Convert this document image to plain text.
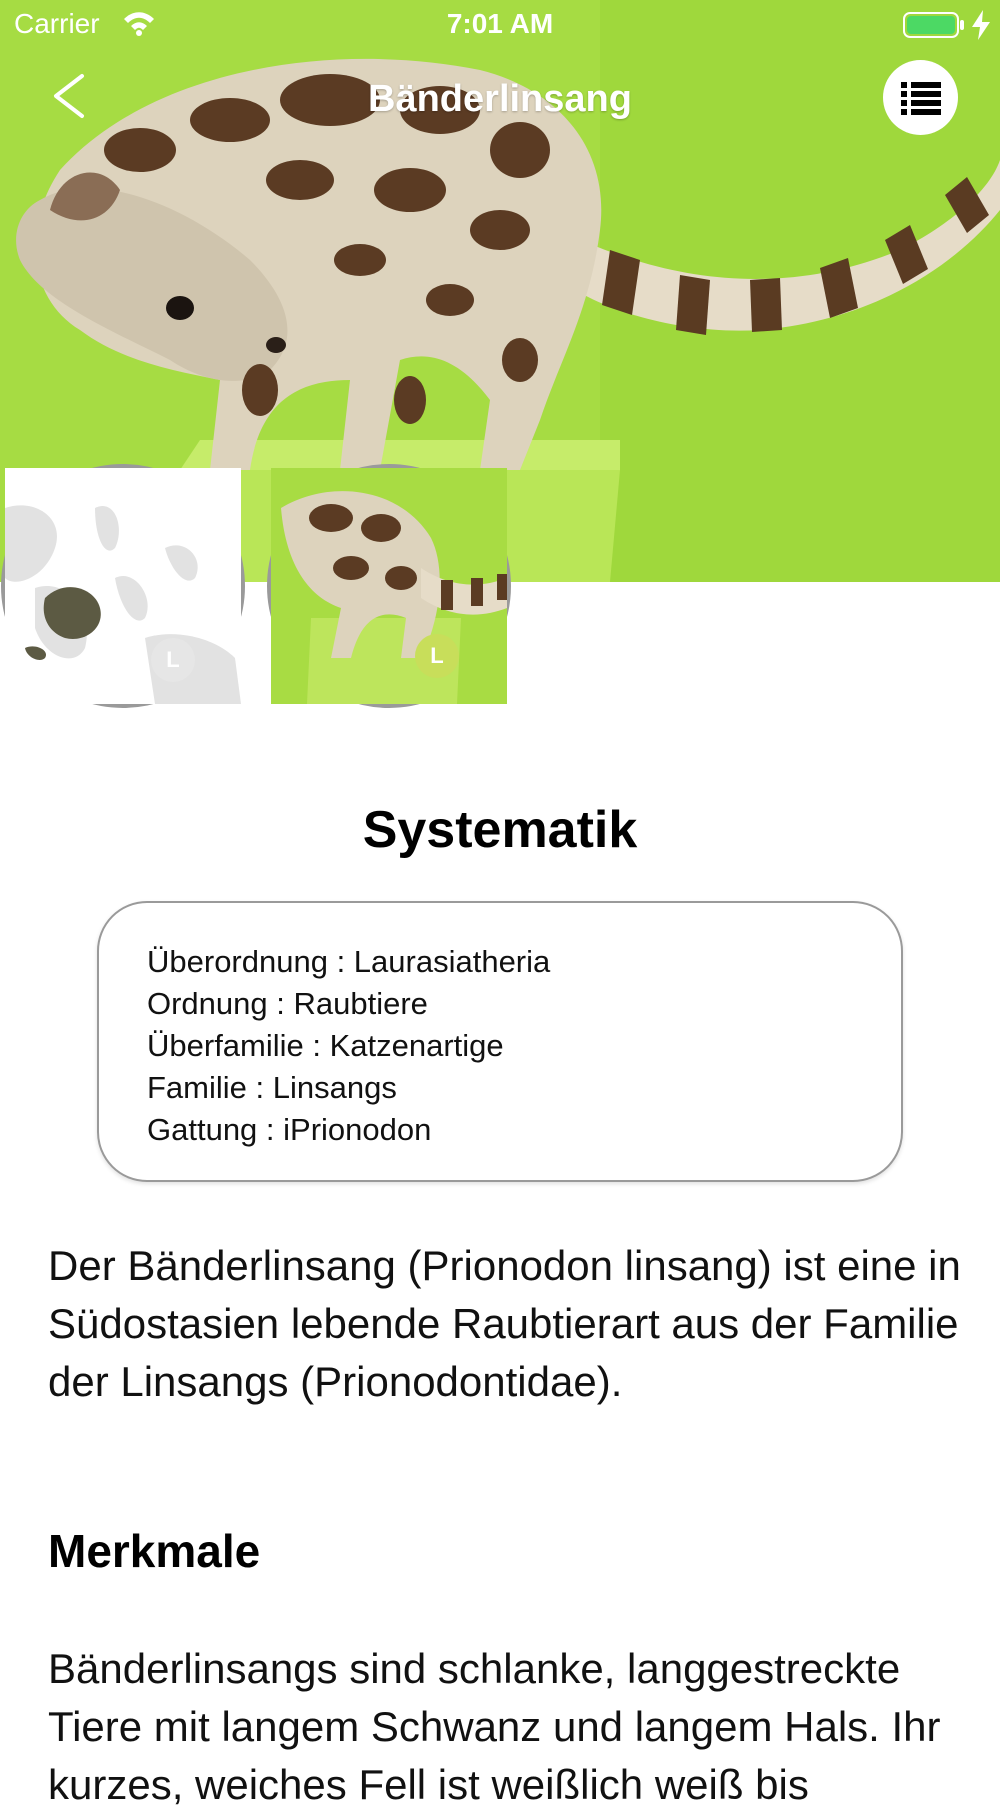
Carrier	7:01 AM
Bänderlinsang
L	L
Systematik
Überordnung : Laurasiatheria
Ordnung : Raubtiere
Überfamilie : Katzenartige
Familie : Linsangs
Gattung : iPrionodon
Der Bänderlinsang (Prionodon linsang) ist eine in Südostasien lebende Raubtierart aus der Familie der Linsangs (Prionodontidae).
Merkmale
Bänderlinsangs sind schlanke, langgestreckte Tiere mit langem Schwanz und langem Hals. Ihr kurzes, weiches Fell ist weißlich weiß bis
